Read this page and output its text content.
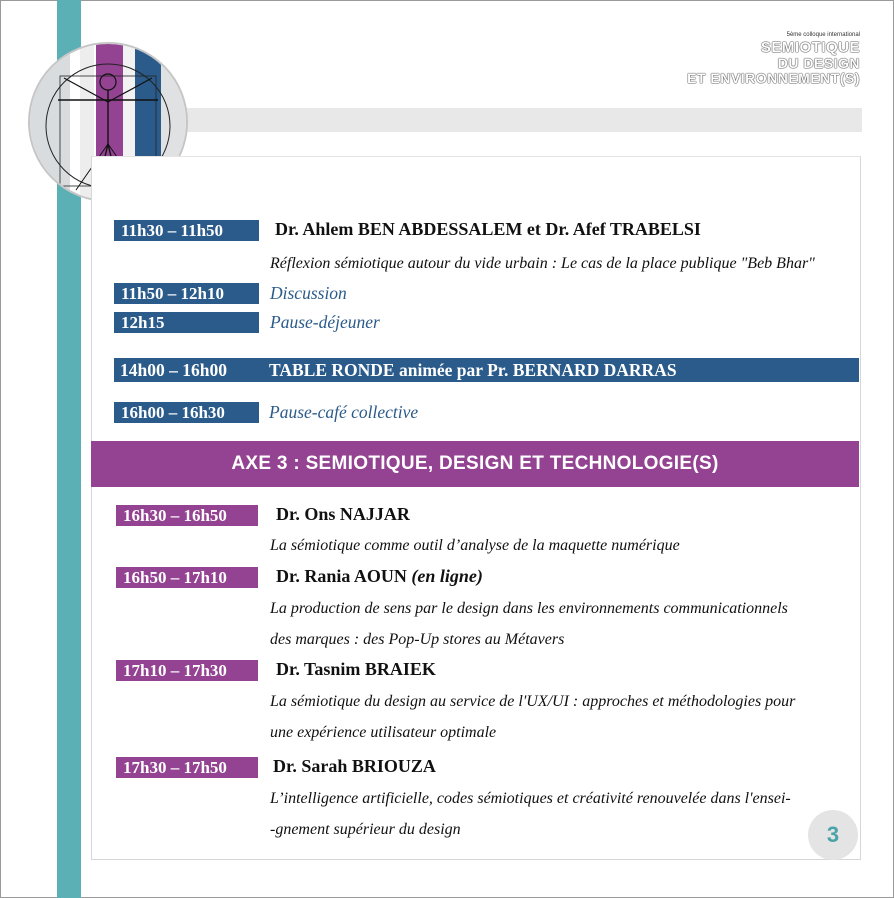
5ème colloque international
SEMIOTIQUE
DU DESIGN
ET ENVIRONNEMENT(S)
11h30 – 11h50	Dr. Ahlem BEN ABDESSALEM et Dr. Afef TRABELSI
Réflexion sémiotique autour du vide urbain : Le cas de la place publique "Beb Bhar"
11h50 – 12h10	Discussion
12h15	Pause-déjeuner
14h00 – 16h00 TABLE RONDE animée par Pr. BERNARD DARRAS
16h00 – 16h30	Pause-café collective
AXE 3 : SEMIOTIQUE, DESIGN ET TECHNOLOGIE(S)
16h30 – 16h50	Dr. Ons NAJJAR
La sémiotique comme outil d’analyse de la maquette numérique
16h50 – 17h10	Dr. Rania AOUN (en ligne)
La production de sens par le design dans les environnements communicationnels
des marques : des Pop-Up stores au Métavers
17h10 – 17h30	Dr. Tasnim BRAIEK
La sémiotique du design au service de l'UX/UI : approches et méthodologies pour
une expérience utilisateur optimale
17h30 – 17h50	Dr. Sarah BRIOUZA
L’intelligence artificielle, codes sémiotiques et créativité renouvelée dans l'ensei-
-gnement supérieur du design	3
